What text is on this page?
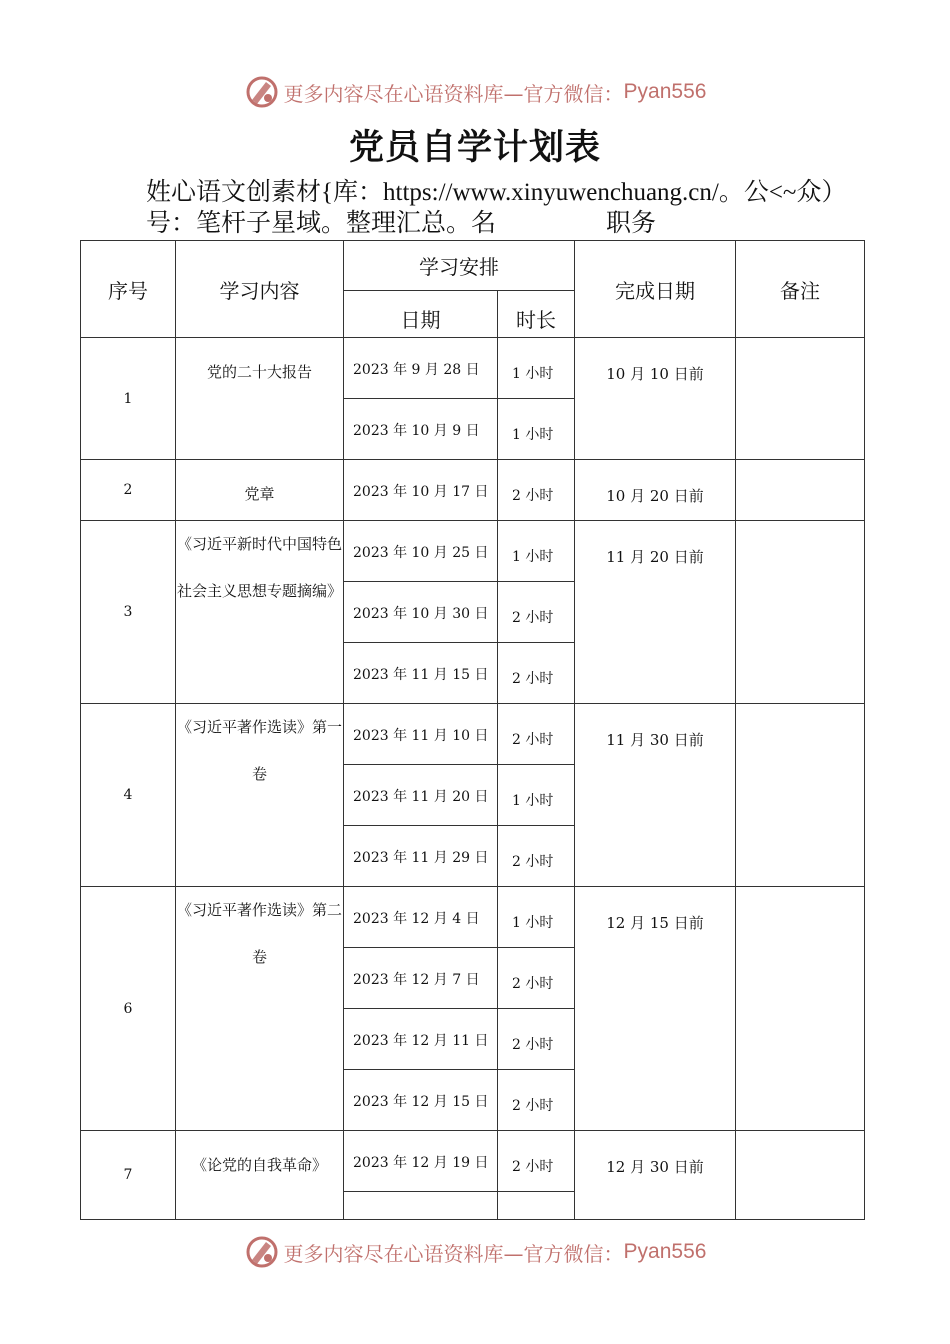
更多内容尽在心语资料库—官方微信： Pyan556
党员自学计划表
姓心语文创素材{库：https://www.xinyuwenchuang.cn/。公<~众）
号：笔杆子星域。整理汇总。名	职务
序号	学习内容	学习安排		完成日期	备注
		日期	时长		
1	党的二十大报告	2023 年 9 月 28 日	1 小时	10 月 10 日前	

		2023 年 10 月 9 日	1 小时		

2	党章	2023 年 10 月 17 日	2 小时	10 月 20 日前	

3	《习近平新时代中国特色社会主义思想专题摘编》	2023 年 10 月 25 日	1 小时	11 月 20 日前	

		2023 年 10 月 30 日	2 小时		

		2023 年 11 月 15 日	2 小时		

4	《习近平著作选读》第一卷	2023 年 11 月 10 日	2 小时	11 月 30 日前	

		2023 年 11 月 20 日	1 小时		

		2023 年 11 月 29 日	2 小时		

6	《习近平著作选读》第二卷	2023 年 12 月 4 日	1 小时	12 月 15 日前	

		2023 年 12 月 7 日	2 小时		

		2023 年 12 月 11 日	2 小时		

		2023 年 12 月 15 日	2 小时		

7	《论党的自我革命》	2023 年 12 月 19 日	2 小时	12 月 30 日前	

更多内容尽在心语资料库—官方微信： Pyan556
